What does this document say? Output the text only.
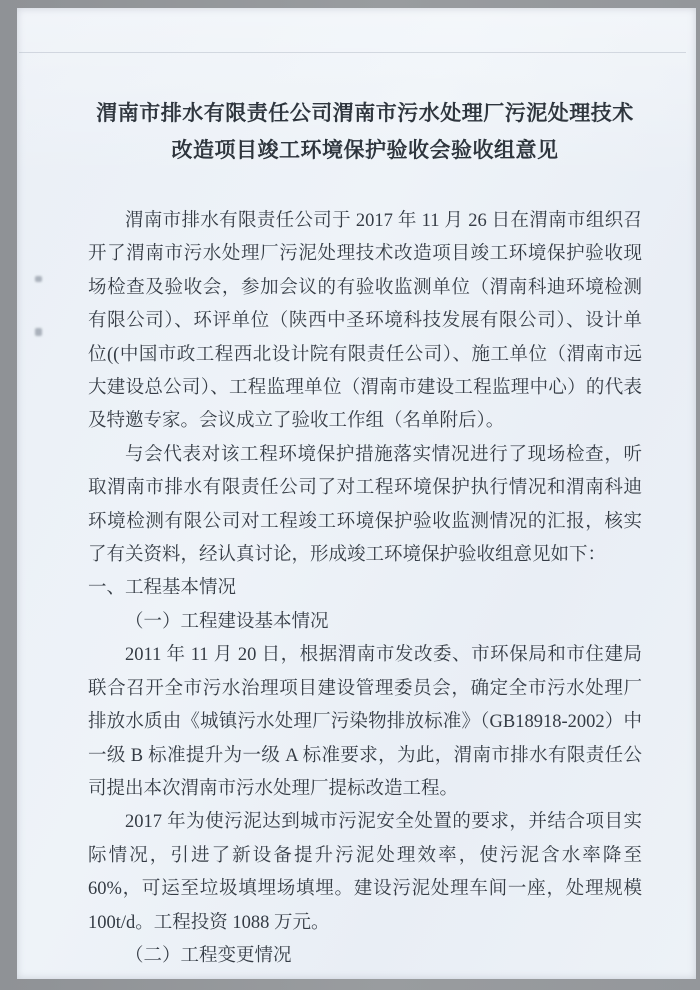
渭南市排水有限责任公司渭南市污水处理厂污泥处理技术改造项目竣工环境保护验收会验收组意见

渭南市排水有限责任公司于 2017 年 11 月 26 日在渭南市组织召开了渭南市污水处理厂污泥处理技术改造项目竣工环境保护验收现场检查及验收会，参加会议的有验收监测单位（渭南科迪环境检测有限公司）、环评单位（陕西中圣环境科技发展有限公司）、设计单位((中国市政工程西北设计院有限责任公司）、施工单位（渭南市远大建设总公司）、工程监理单位（渭南市建设工程监理中心）的代表及特邀专家。会议成立了验收工作组（名单附后）。

与会代表对该工程环境保护措施落实情况进行了现场检查，听取渭南市排水有限责任公司了对工程环境保护执行情况和渭南科迪环境检测有限公司对工程竣工环境保护验收监测情况的汇报，核实了有关资料，经认真讨论，形成竣工环境保护验收组意见如下：

一、工程基本情况

（一）工程建设基本情况

2011 年 11 月 20 日，根据渭南市发改委、市环保局和市住建局联合召开全市污水治理项目建设管理委员会，确定全市污水处理厂排放水质由《城镇污水处理厂污染物排放标准》（GB18918-2002）中一级 B 标准提升为一级 A 标准要求，为此，渭南市排水有限责任公司提出本次渭南市污水处理厂提标改造工程。

2017 年为使污泥达到城市污泥安全处置的要求，并结合项目实际情况，引进了新设备提升污泥处理效率，使污泥含水率降至 60%，可运至垃圾填埋场填埋。建设污泥处理车间一座，处理规模 100t/d。工程投资 1088 万元。

（二）工程变更情况
